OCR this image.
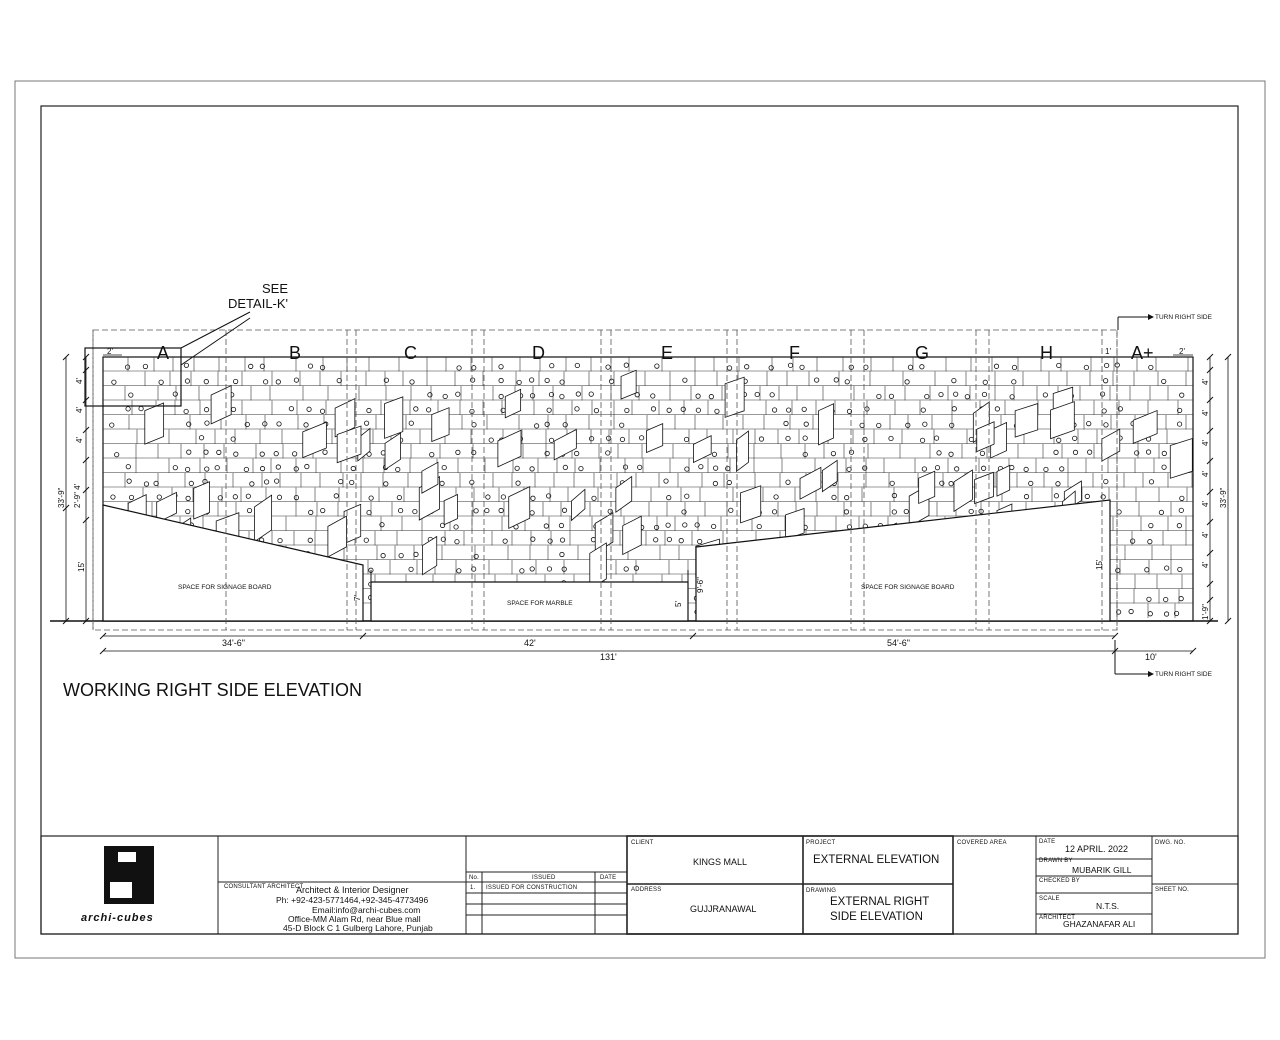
SEE
DETAIL-K'
TURN RIGHT SIDE
TURN RIGHT SIDE
SPACE FOR SIGNAGE BOARD
SPACE FOR MARBLE
SPACE FOR SIGNAGE BOARD
A	B	C	D	E	F	G	H	A+
2'	2'
1'
7'
5'
9'-6"
15'
33'-9" 2'-9" 4'
15'
4'
4'
4'
33'-9"
4'
4'
4'
4'
4'
4'
4'
1'-9"
34'-6"	42'	54'-6"
131'	10'
WORKING RIGHT SIDE ELEVATION
archi-cubes
CONSULTANT ARCHITECT
Architect & Interior Designer
Ph: +92-423-5771464,+92-345-4773496
Email:info@archi-cubes.com
Office-MM Alam Rd, near Blue mall
45-D Block C 1 Gulberg Lahore, Punjab
No.	ISSUED	DATE
1. ISSUED FOR CONSTRUCTION
CLIENT
KINGS MALL
ADDRESS
GUJJRANAWAL
PROJECT
EXTERNAL ELEVATION
DRAWING
EXTERNAL RIGHT
SIDE ELEVATION
COVERED AREA	DATE
12 APRIL. 2022
DRAWN BY
MUBARIK GILL
CHECKED BY
SCALE
N.T.S.
ARCHITECT
GHAZANAFAR ALI
DWG. NO.
SHEET NO.
